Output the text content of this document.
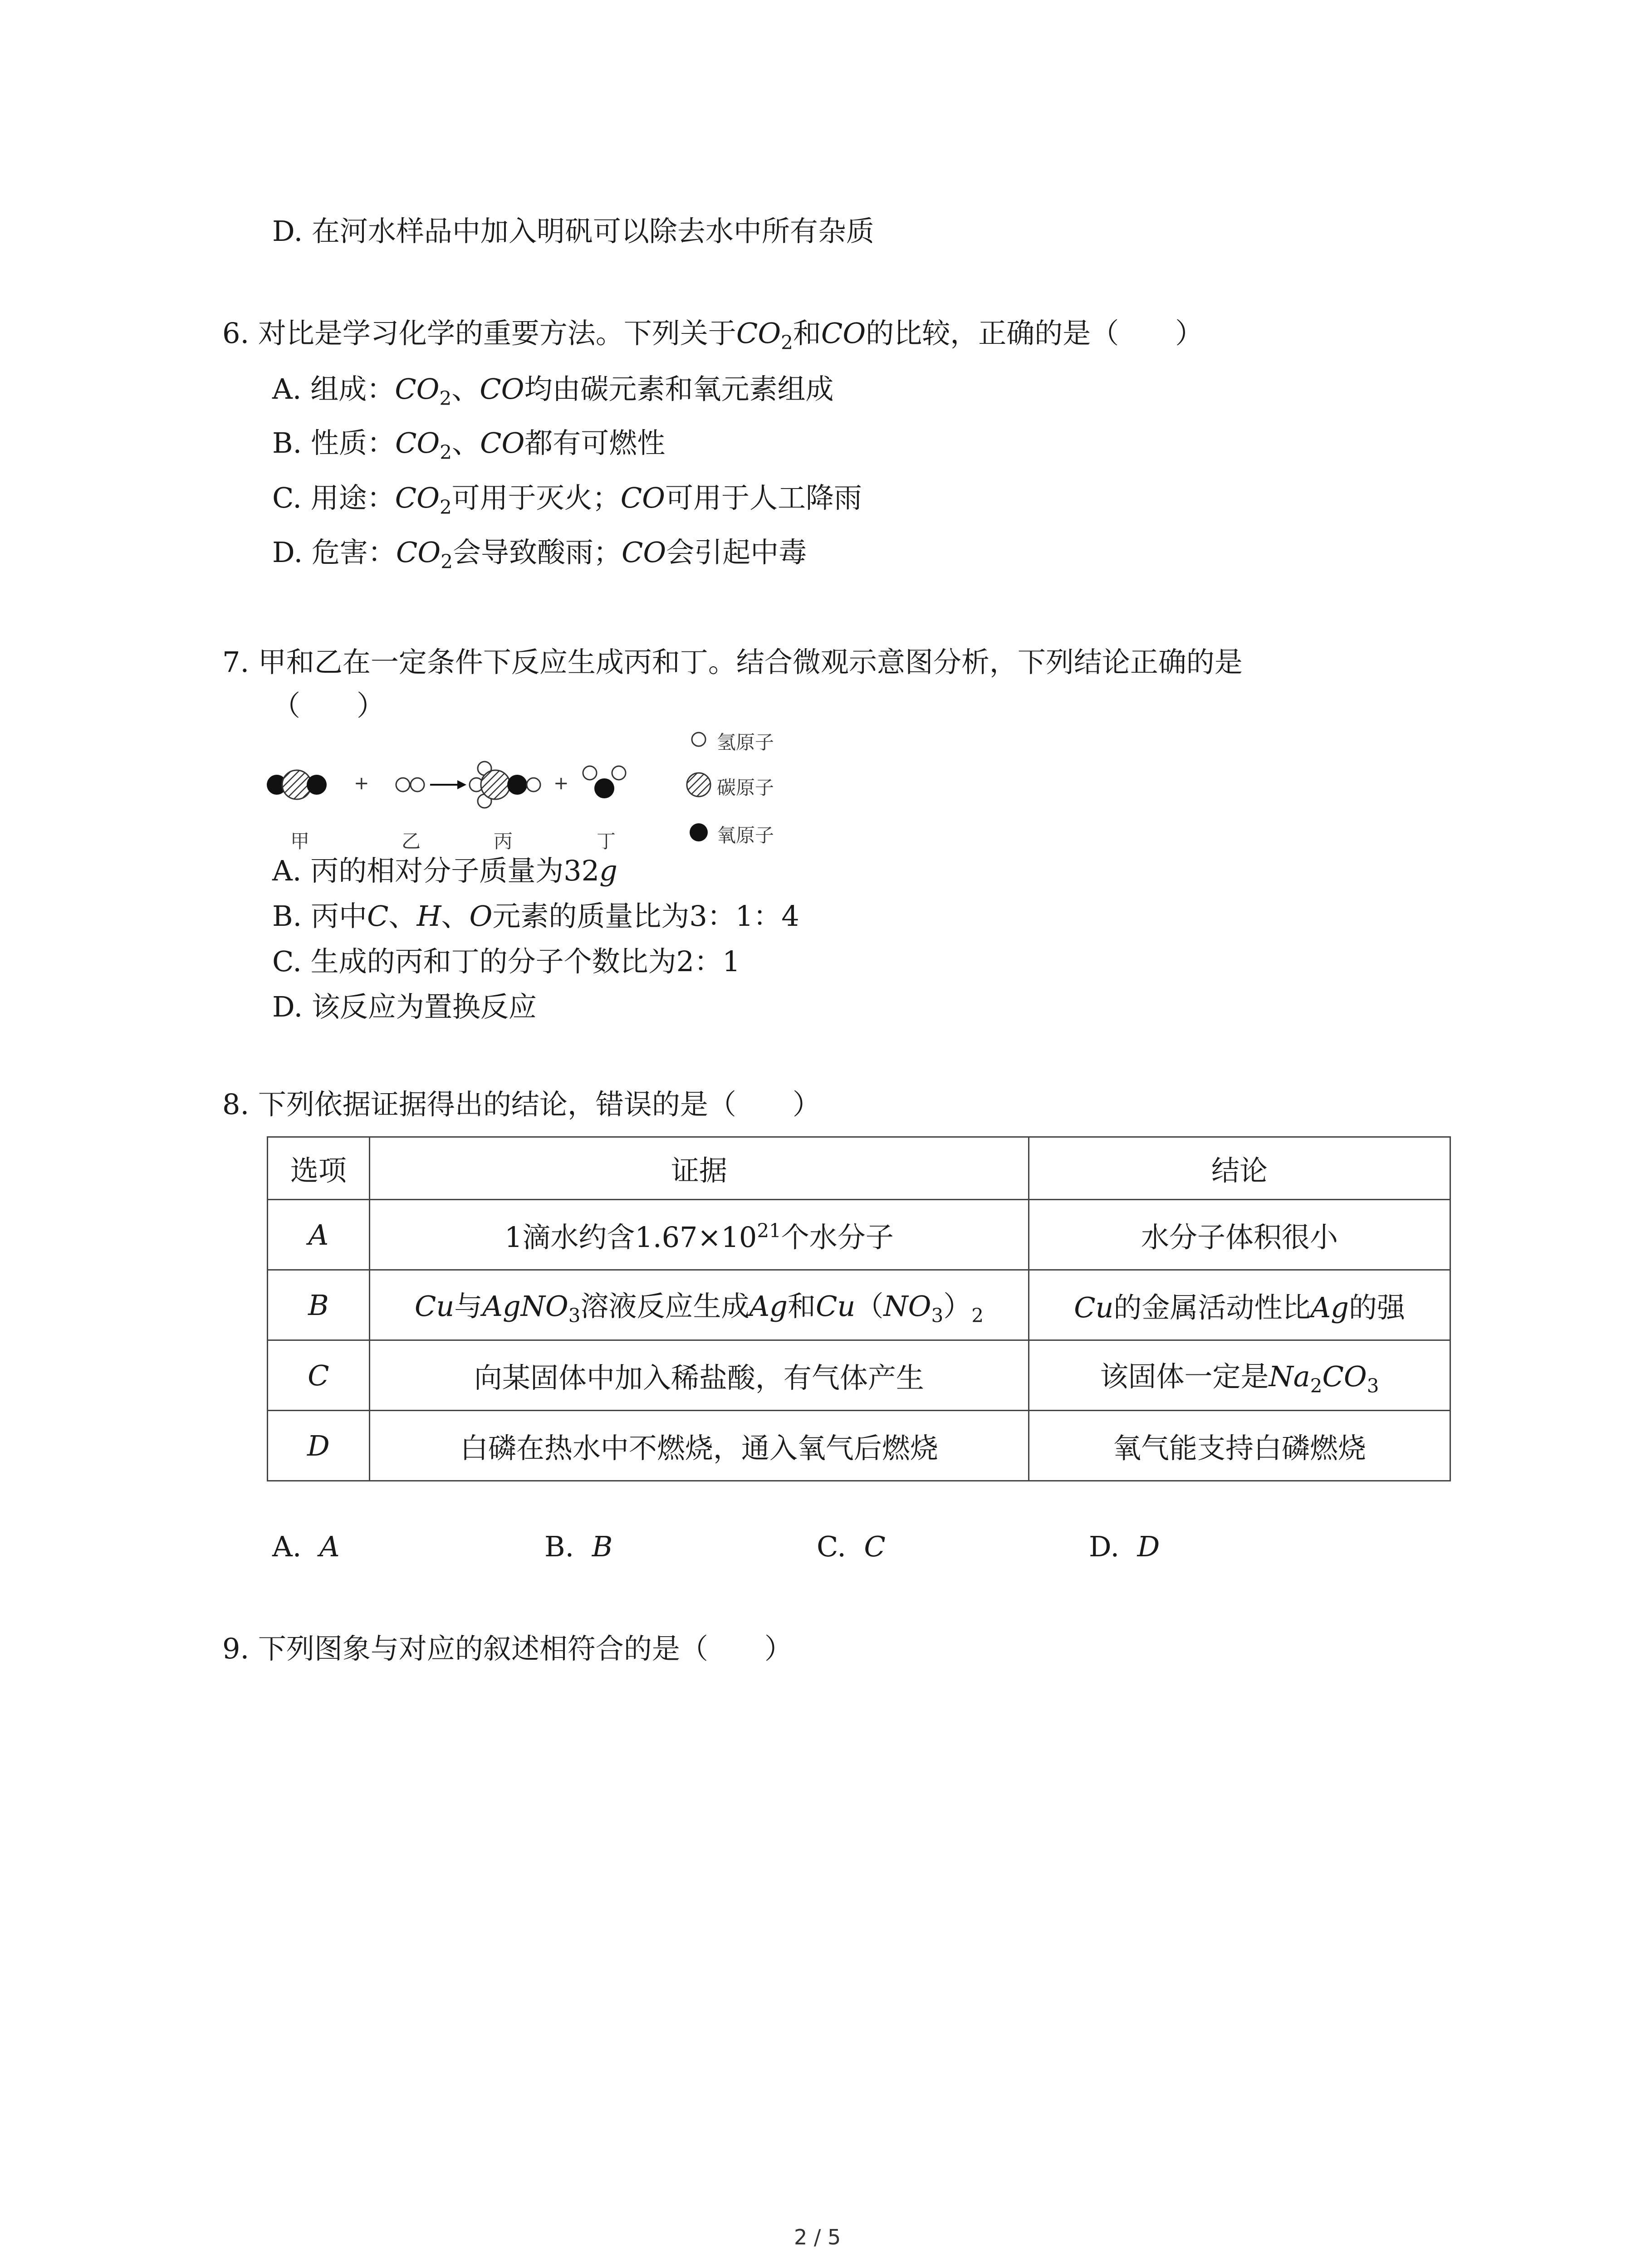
D. 在河水样品中加入明矾可以除去水中所有杂质
6. 对比是学习化学的重要方法。下列关于$CO_2$和CO的比较，正确的是（　　）
A. 组成：$CO_2$、CO均由碳元素和氧元素组成
B. 性质：$CO_2$、CO都有可燃性
C. 用途：$CO_2$可用于灭火；CO可用于人工降雨
D. 危害：$CO_2$会导致酸雨；CO会引起中毒
7. 甲和乙在一定条件下反应生成丙和丁。结合微观示意图分析，下列结论正确的是
（　　）
+	+
甲	乙	丙	丁
氢原子
碳原子
氧原子
A. 丙的相对分子质量为32g
B. 丙中C、H、O元素的质量比为3：1：4
C. 生成的丙和丁的分子个数比为2：1
D. 该反应为置换反应
8. 下列依据证据得出的结论，错误的是（　　）
选项	证据	结论
A	1滴水约含$1.67\times 10^{21}$个水分子	水分子体积很小
B	Cu与AgNO$_3$溶液反应生成Ag和$Cu(NO_3)_2$	Cu的金属活动性比Ag的强
C	向某固体中加入稀盐酸，有气体产生	该固体一定是$Na_2CO_3$
D	白磷在热水中不燃烧，通入氧气后燃烧	氧气能支持白磷燃烧
A. A	B. B	C. C	D. D
9. 下列图象与对应的叙述相符合的是（　　）
2 / 5
